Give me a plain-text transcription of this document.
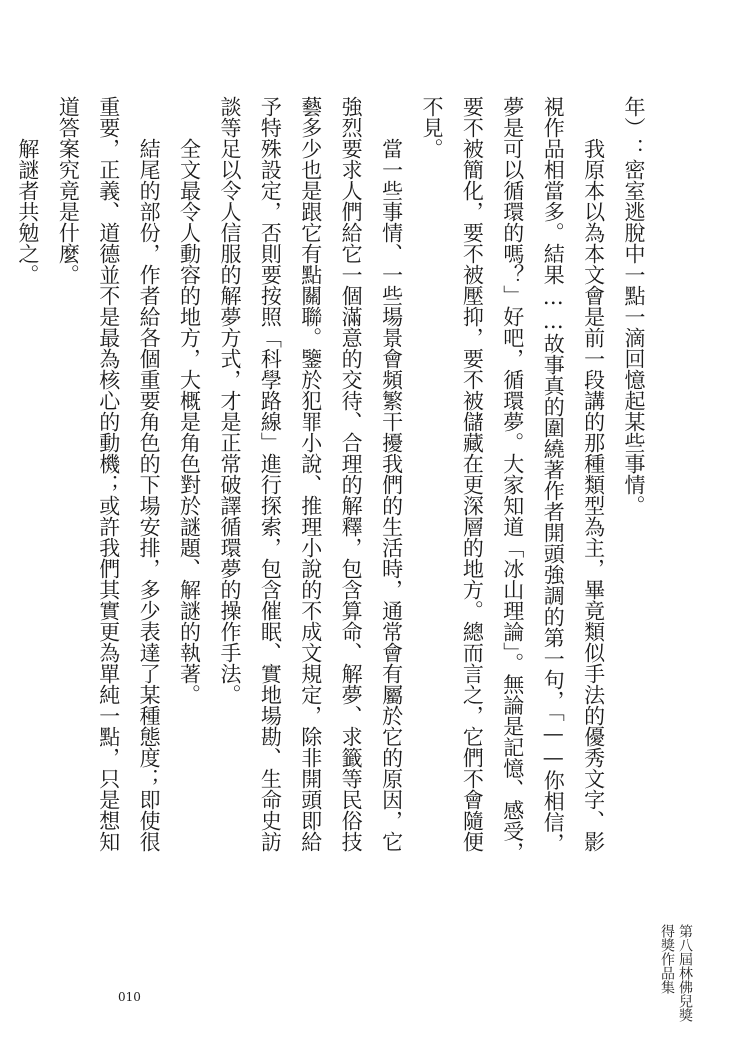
年）：密室逃脫中一點一滴回憶起某些事情。

我原本以為本文會是前一段講的那種類型為主，畢竟類似手法的優秀文字、影視作品相當多。結果……故事真的圍繞著作者開頭強調的第一句，「——你相信，夢是可以循環的嗎？」好吧，循環夢。大家知道「冰山理論」。無論是記憶、感受，要不被簡化，要不被壓抑，要不被儲藏在更深層的地方。總而言之，它們不會隨便不見。

當一些事情、一些場景會頻繁干擾我們的生活時，通常會有屬於它的原因，它強烈要求人們給它一個滿意的交待、合理的解釋，包含算命、解夢、求籤等民俗技藝多少也是跟它有點關聯。鑒於犯罪小說、推理小說的不成文規定，除非開頭即給予特殊設定，否則要按照「科學路線」進行探索，包含催眠、實地場勘、生命史訪談等足以令人信服的解夢方式，才是正常破譯循環夢的操作手法。

全文最令人動容的地方，大概是角色對於謎題、解謎的執著。

結尾的部份，作者給各個重要角色的下場安排，多少表達了某種態度；即使很重要，正義、道德並不是最為核心的動機；或許我們其實更為單純一點，只是想知道答案究竟是什麼。

解謎者共勉之。

第八屆林佛兒獎
得獎作品集
010
